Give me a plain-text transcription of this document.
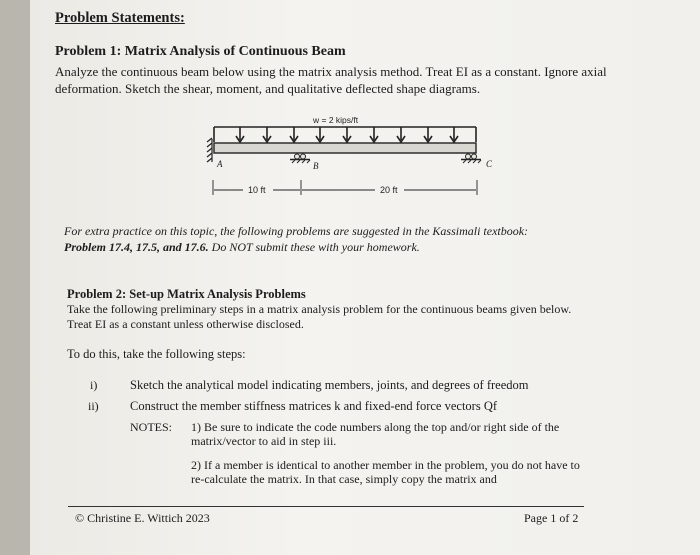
Problem Statements:
Problem 1: Matrix Analysis of Continuous Beam
Analyze the continuous beam below using the matrix analysis method. Treat EI as a constant. Ignore axial deformation. Sketch the shear, moment, and qualitative deflected shape diagrams.
w = 2 kips/ft
A	B	C
10 ft	20 ft
For extra practice on this topic, the following problems are suggested in the Kassimali textbook:
Problem 17.4, 17.5, and 17.6. Do NOT submit these with your homework.
Problem 2: Set-up Matrix Analysis Problems
Take the following preliminary steps in a matrix analysis problem for the continuous beams given below. Treat EI as a constant unless otherwise disclosed.
To do this, take the following steps:
i)	Sketch the analytical model indicating members, joints, and degrees of freedom
ii)	Construct the member stiffness matrices k and fixed-end force vectors Qf
NOTES: 1) Be sure to indicate the code numbers along the top and/or right side of the matrix/vector to aid in step iii.
2) If a member is identical to another member in the problem, you do not have to re-calculate the matrix. In that case, simply copy the matrix and
© Christine E. Wittich 2023	Page 1 of 2
